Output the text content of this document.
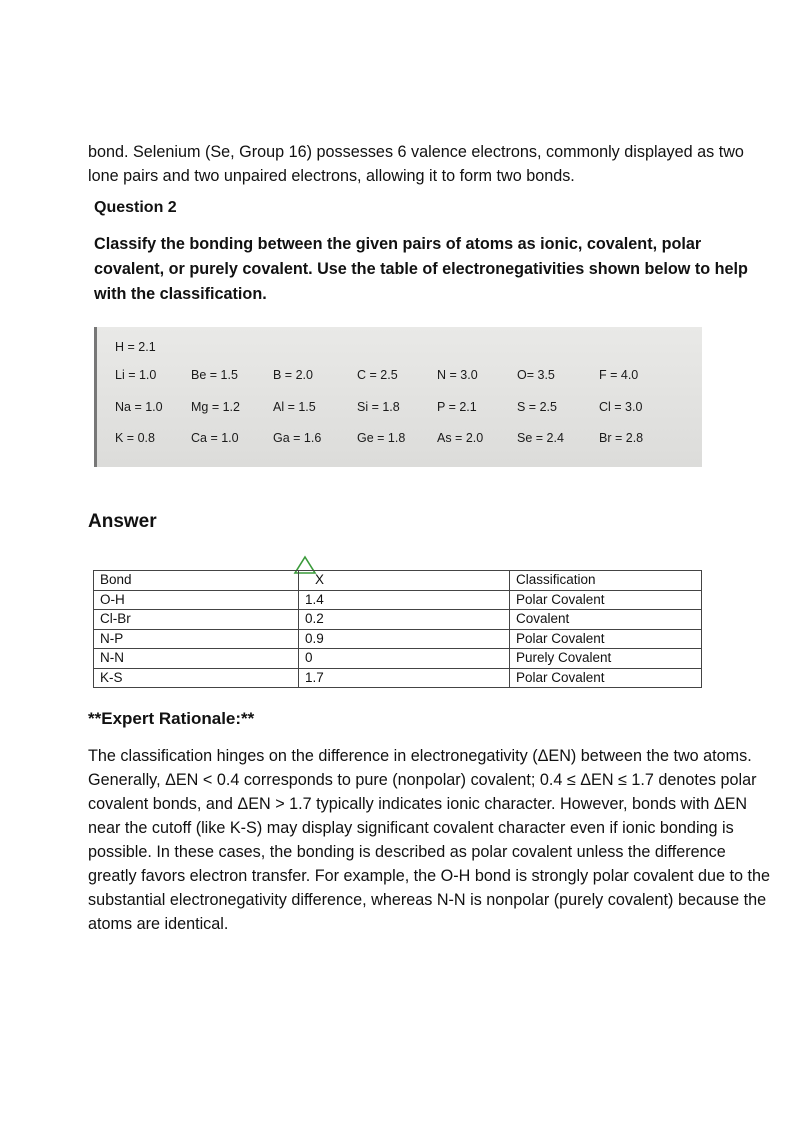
bond. Selenium (Se, Group 16) possesses 6 valence electrons, commonly displayed as two lone pairs and two unpaired electrons, allowing it to form two bonds.
Question 2
Classify the bonding between the given pairs of atoms as ionic, covalent, polar covalent, or purely covalent. Use the table of electronegativities shown below to help with the classification.
H = 2.1
Li = 1.0	Be = 1.5	B = 2.0	C = 2.5	N = 3.0	O= 3.5	F = 4.0
Na = 1.0 Mg = 1.2	Al = 1.5	Si = 1.8	P = 2.1	S = 2.5	Cl = 3.0
K = 0.8	Ca = 1.0	Ga = 1.6	Ge = 1.8	As = 2.0	Se = 2.4	Br = 2.8
Answer
Bond	X	Classification
O-H	1.4	Polar Covalent
Cl-Br	0.2	Covalent
N-P	0.9	Polar Covalent
N-N	0	Purely Covalent
K-S	1.7	Polar Covalent
**Expert Rationale:**
The classification hinges on the difference in electronegativity (ΔEN) between the two atoms. Generally, ΔEN < 0.4 corresponds to pure (nonpolar) covalent; 0.4 ≤ ΔEN ≤ 1.7 denotes polar covalent bonds, and ΔEN > 1.7 typically indicates ionic character. However, bonds with ΔEN near the cutoff (like K-S) may display significant covalent character even if ionic bonding is possible. In these cases, the bonding is described as polar covalent unless the difference greatly favors electron transfer. For example, the O-H bond is strongly polar covalent due to the substantial electronegativity difference, whereas N-N is nonpolar (purely covalent) because the atoms are identical.
